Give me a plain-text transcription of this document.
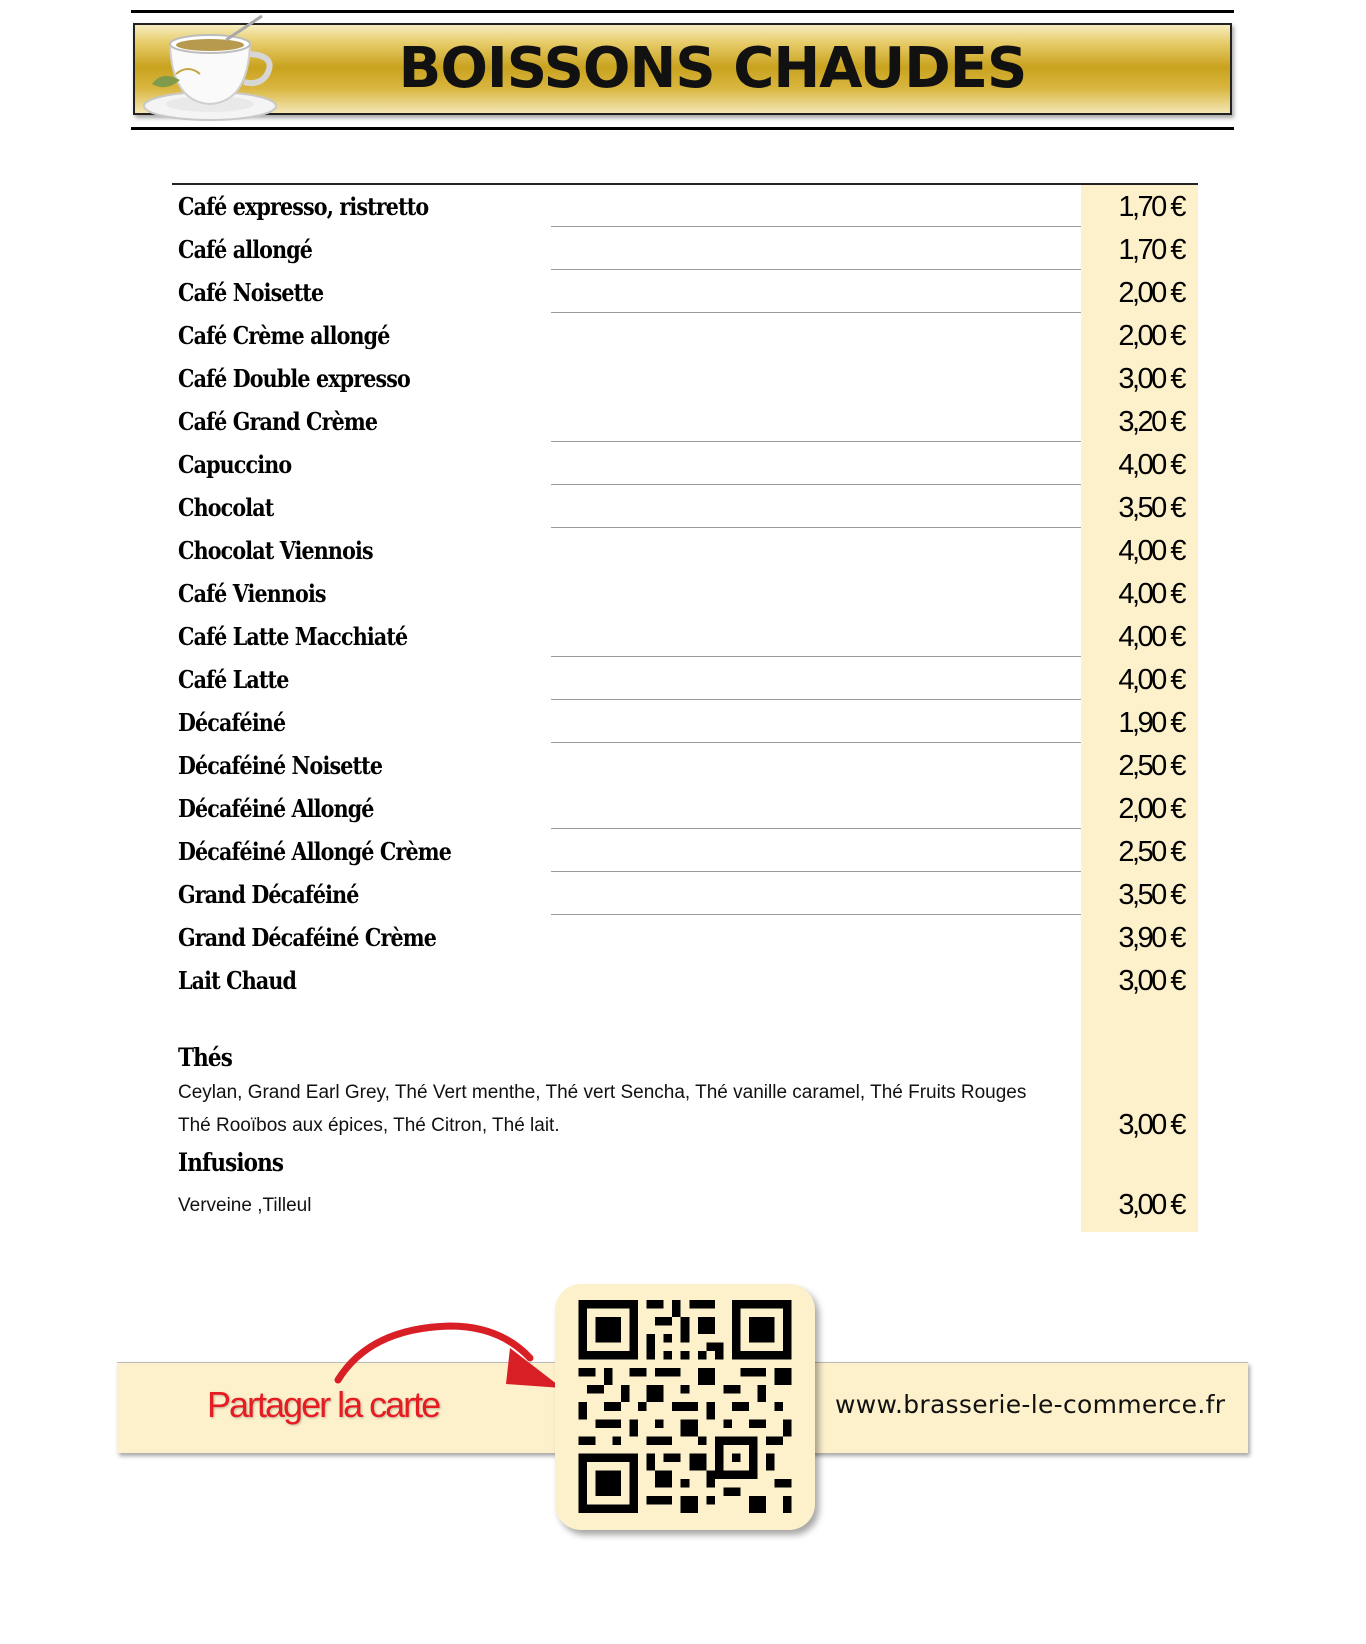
BOISSONS CHAUDES
Café expresso, ristretto	1,70 €
Café allongé	1,70 €
Café Noisette	2,00 €
Café Crème allongé	2,00 €
Café Double expresso	3,00 €
Café Grand Crème	3,20 €
Capuccino	4,00 €
Chocolat	3,50 €
Chocolat Viennois	4,00 €
Café Viennois	4,00 €
Café Latte Macchiaté	4,00 €
Café Latte	4,00 €
Décaféiné	1,90 €
Décaféiné Noisette	2,50 €
Décaféiné Allongé	2,00 €
Décaféiné Allongé Crème	2,50 €
Grand Décaféiné	3,50 €
Grand Décaféiné Crème	3,90 €
Lait Chaud	3,00 €
Thés
Ceylan, Grand Earl Grey, Thé Vert menthe, Thé vert Sencha, Thé vanille caramel, Thé Fruits Rouges
Thé Rooïbos aux épices, Thé Citron, Thé lait.	3,00 €
Infusions
Verveine ,Tilleul	3,00 €
Partager la carte	www.brasserie-le-commerce.fr
